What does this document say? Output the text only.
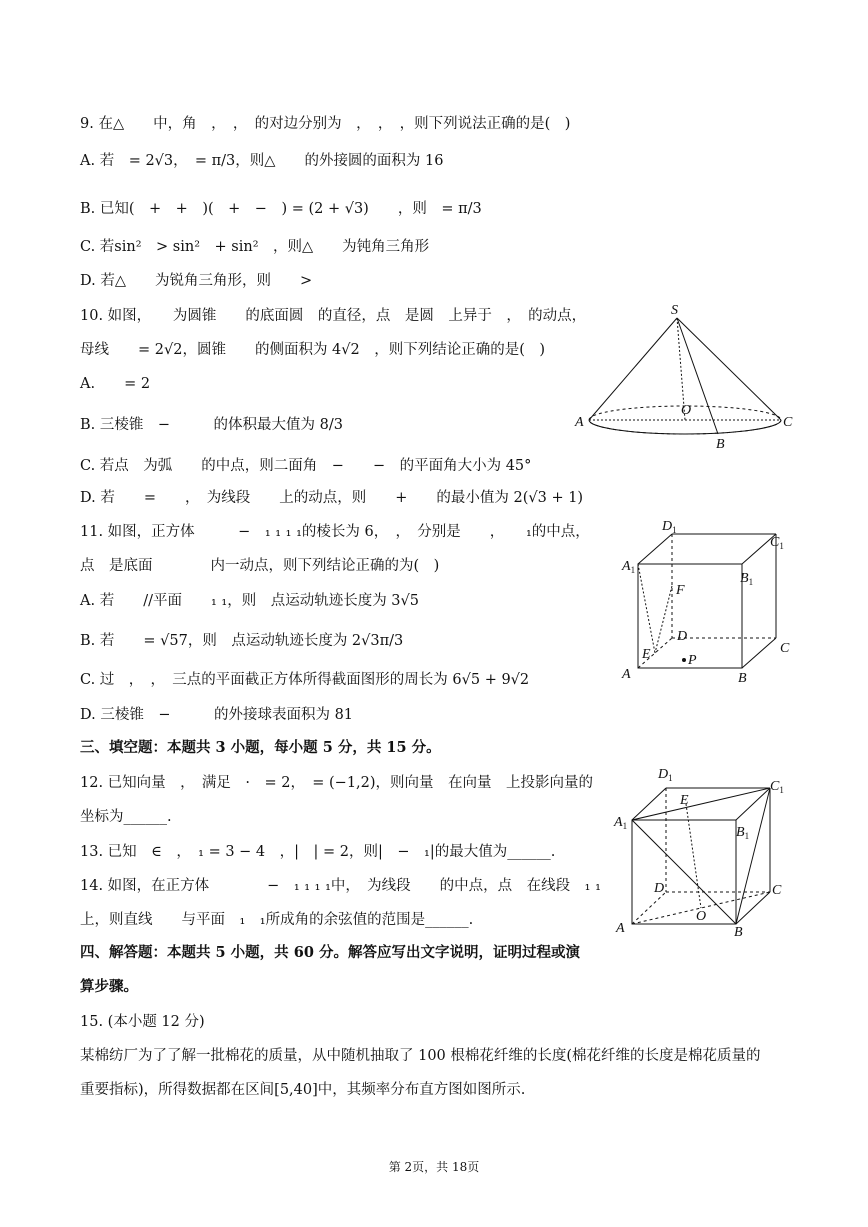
9. 在△　　中，角　，　，　的对边分别为　，　，　，则下列说法正确的是(　)
A. 若　= 2√3，　= π/3，则△　　的外接圆的面积为 16
B. 已知(　+　+　)(　+　−　) = (2 + √3)　　，则　= π/3
C. 若sin²　> sin²　+ sin²　，则△　　为钝角三角形
D. 若△　　为锐角三角形，则　　>　
10. 如图，　　为圆锥　　的底面圆　的直径，点　是圆　上异于　，　的动点，
母线　　= 2√2，圆锥　　的侧面积为 4√2　，则下列结论正确的是(　)
A.　　= 2
B. 三棱锥　−　　　的体积最大值为 8/3
C. 若点　为弧　　的中点，则二面角　−　　−　的平面角大小为 45°
D. 若　　=　　，　为线段　　上的动点，则　　+　　的最小值为 2(√3 + 1)
11. 如图，正方体　　　−　₁ ₁ ₁ ₁的棱长为 6，　，　分别是　　，　　₁的中点，
点　是底面　　　　内一动点，则下列结论正确的为(　)
A. 若　　//平面　　₁ ₁，则　点运动轨迹长度为 3√5
B. 若　　= √57，则　点运动轨迹长度为 2√3π/3
C. 过　，　，　三点的平面截正方体所得截面图形的周长为 6√5 + 9√2
D. 三棱锥　−　　　的外接球表面积为 81
三、填空题：本题共 3 小题，每小题 5 分，共 15 分。
12. 已知向量　，　满足　·　= 2，　= (−1,2)，则向量　在向量　上投影向量的
坐标为______.
13. 已知　∈　，　₁ = 3 − 4　，|　| = 2，则|　−　₁|的最大值为______.
14. 如图，在正方体　　　　−　₁ ₁ ₁ ₁中，　为线段　　的中点，点　在线段　₁ ₁
上，则直线　　与平面　₁　₁所成角的余弦值的范围是______.
四、解答题：本题共 5 小题，共 60 分。解答应写出文字说明，证明过程或演
算步骤。
15. (本小题 12 分)
某棉纺厂为了了解一批棉花的质量，从中随机抽取了 100 根棉花纤维的长度(棉花纤维的长度是棉花质量的
重要指标)，所得数据都在区间[5,40]中，其频率分布直方图如图所示.
S
O
A
B
C
$A_1$
$D_1$
$C_1$
$B_1$
F
D
C
E	P
A	B
$A_1$
$D_1$
$C_1$
$B_1$
E
D	C
O
A	B
第 2页，共 18页
